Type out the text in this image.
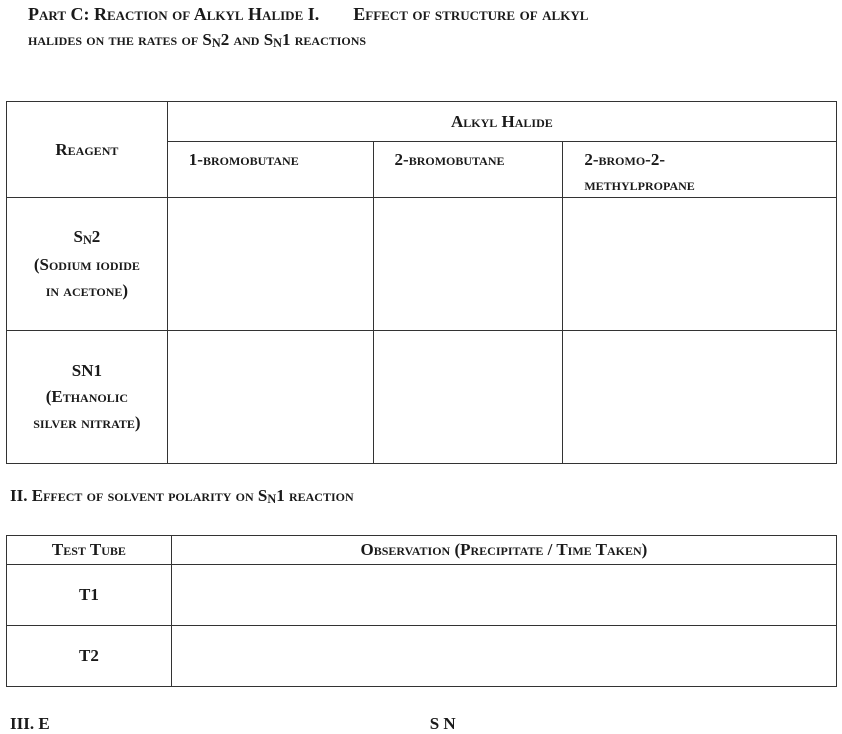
Part C: Reaction of Alkyl Halide I. Effect of structure of alkyl
halides on the rates of SN2 and SN1 reactions
Reagent	Alkyl Halide		
	1-bromobutane	2-bromobutane	2-bromo-2-
methylpropane
SN2
(Sodium iodide
in acetone)			
SN1
(Ethanolic
silver nitrate)			
II. Effect of solvent polarity on SN1 reaction
Test Tube	Observation (Precipitate / Time Taken)
T1	
T2	
III. E	S N
